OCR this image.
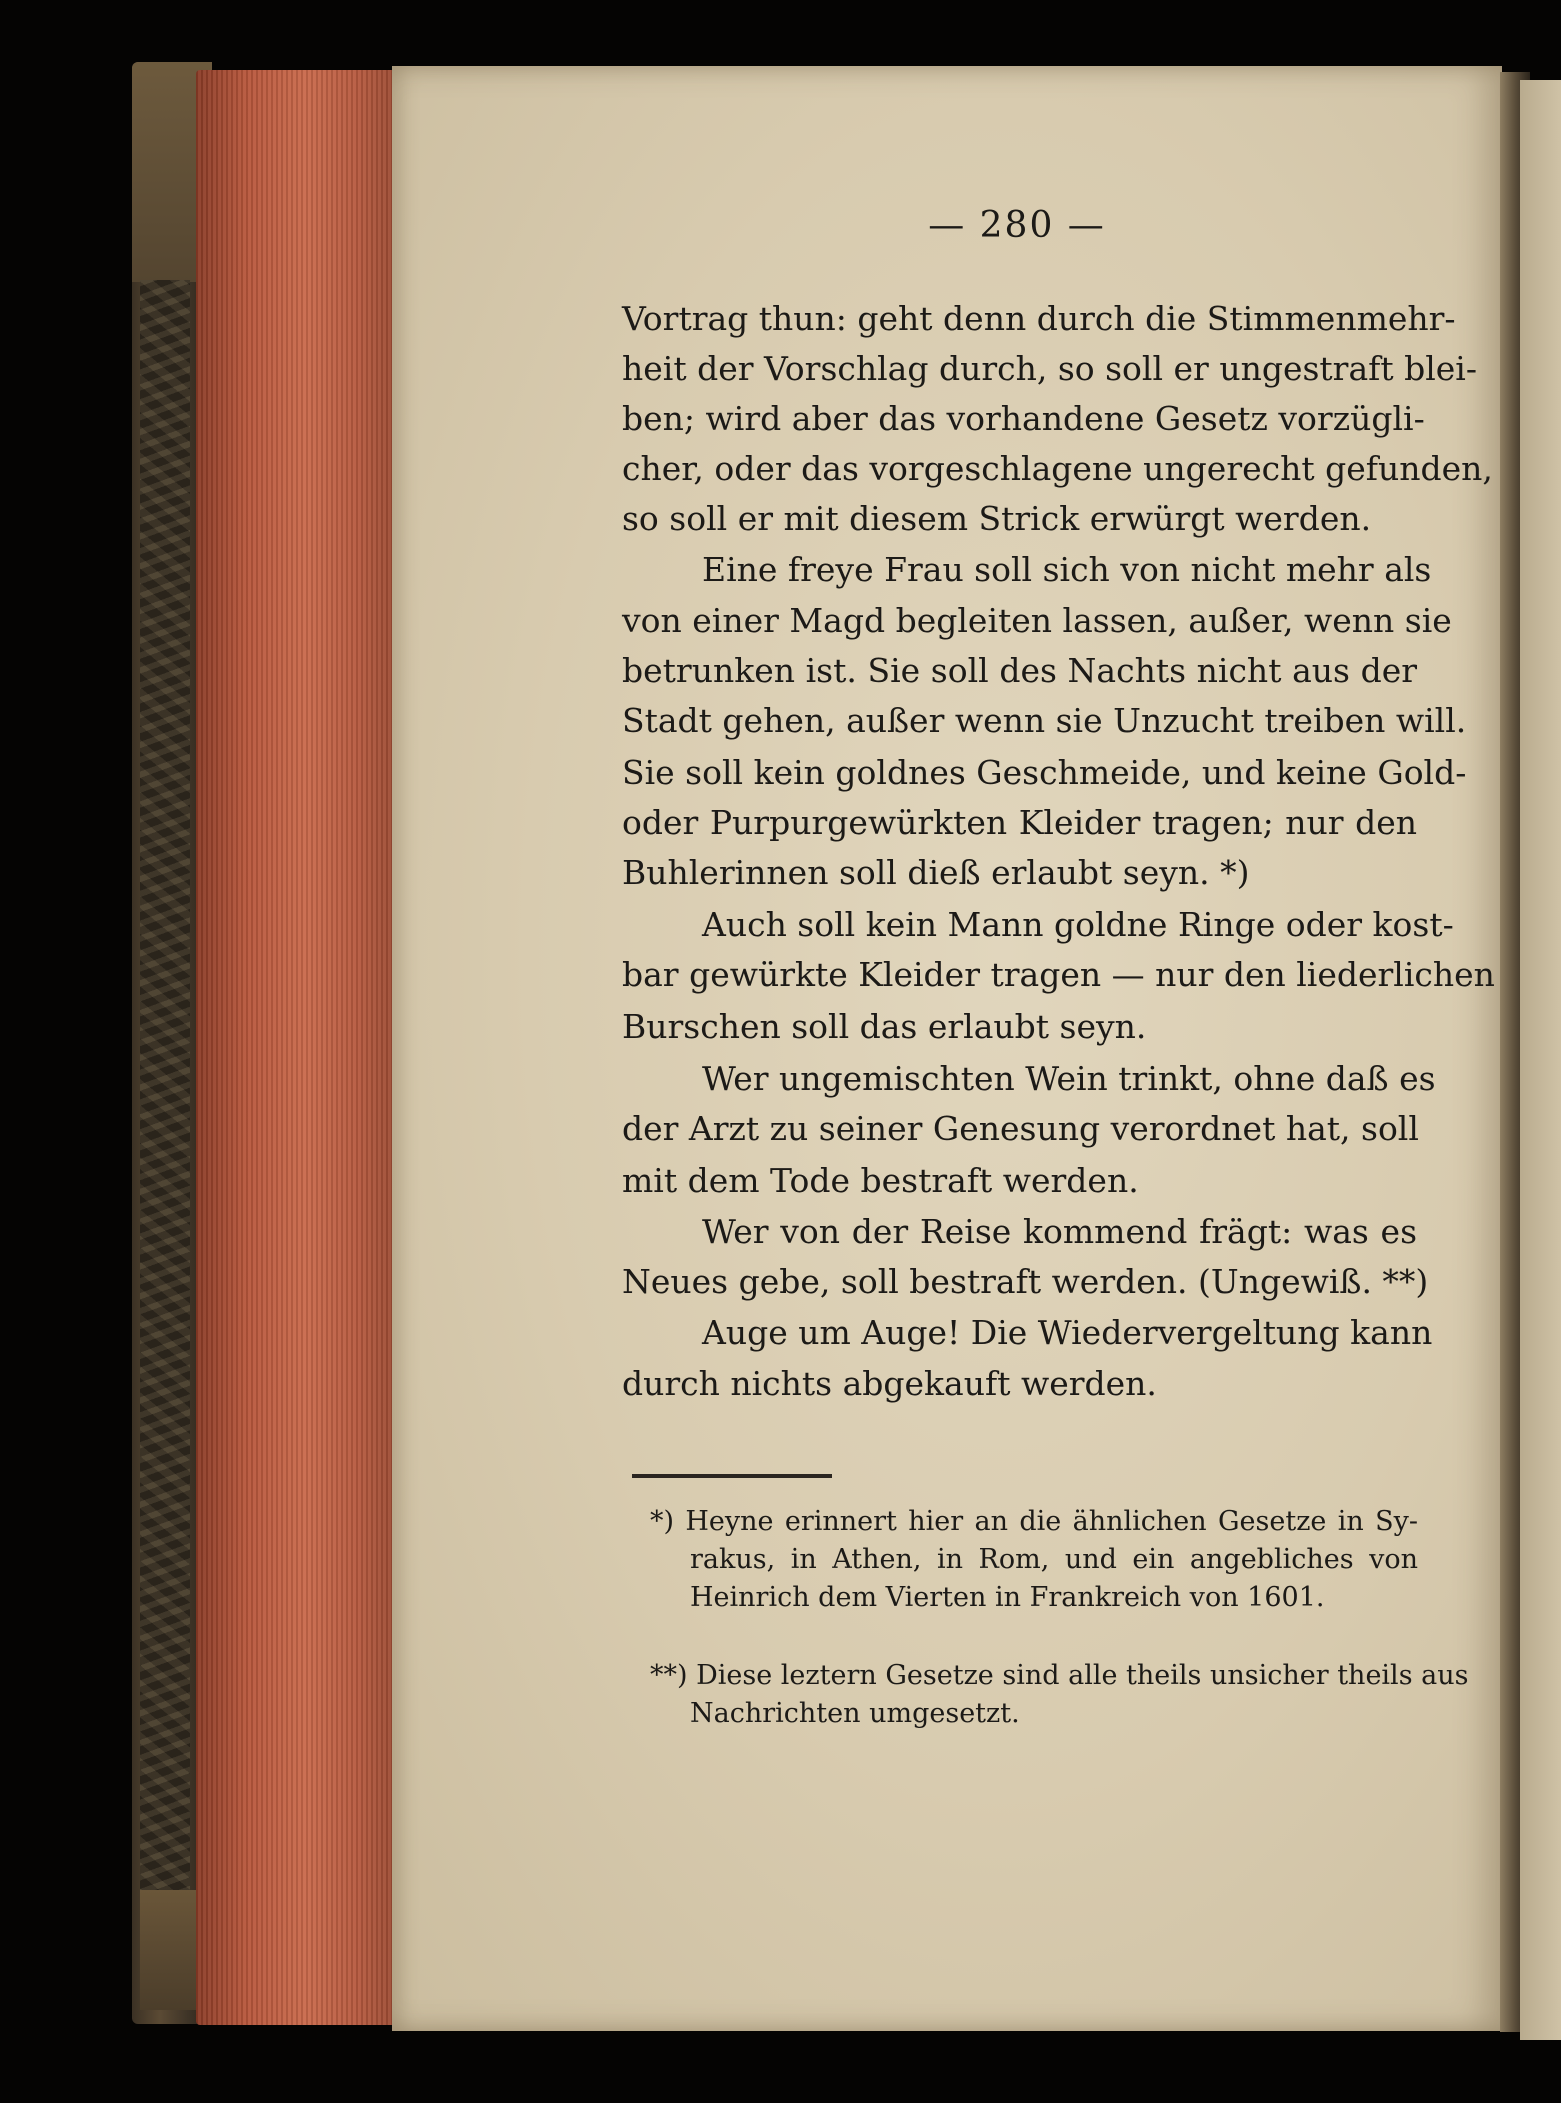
— 280 —
Vortrag thun: geht denn durch die Stimmenmehr-
heit der Vorschlag durch, so soll er ungestraft blei-
ben; wird aber das vorhandene Gesetz vorzügli-
cher, oder das vorgeschlagene ungerecht gefunden,
so soll er mit diesem Strick erwürgt werden.
Eine freye Frau soll sich von nicht mehr als
von einer Magd begleiten lassen, außer, wenn sie
betrunken ist. Sie soll des Nachts nicht aus der
Stadt gehen, außer wenn sie Unzucht treiben will.
Sie soll kein goldnes Geschmeide, und keine Gold-
oder Purpurgewürkten Kleider tragen; nur den
Buhlerinnen soll dieß erlaubt seyn. *)
Auch soll kein Mann goldne Ringe oder kost-
bar gewürkte Kleider tragen — nur den liederlichen
Burschen soll das erlaubt seyn.
Wer ungemischten Wein trinkt, ohne daß es
der Arzt zu seiner Genesung verordnet hat, soll
mit dem Tode bestraft werden.
Wer von der Reise kommend frägt: was es
Neues gebe, soll bestraft werden. (Ungewiß. **)
Auge um Auge! Die Wiedervergeltung kann
durch nichts abgekauft werden.
*) Heyne erinnert hier an die ähnlichen Gesetze in Sy-
rakus, in Athen, in Rom, und ein angebliches von
Heinrich dem Vierten in Frankreich von 1601.
**) Diese leztern Gesetze sind alle theils unsicher theils aus
Nachrichten umgesetzt.
